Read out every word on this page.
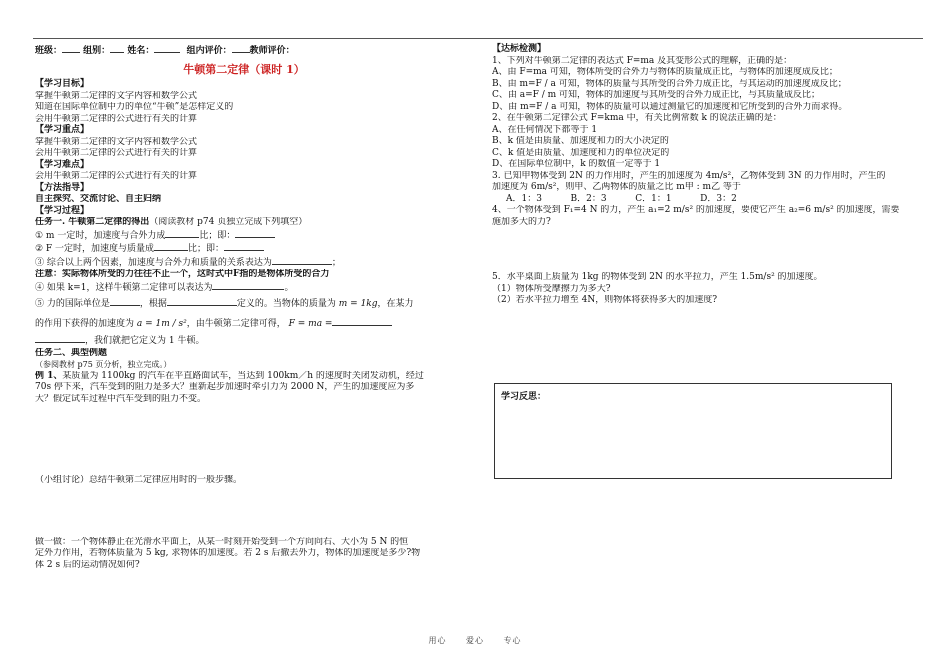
班级： 组别： 姓名：	组内评价： 教师评价：
牛顿第二定律（课时 1）
【学习目标】
掌握牛顿第二定律的文字内容和数学公式
知道在国际单位制中力的单位“牛顿”是怎样定义的
会用牛顿第二定律的公式进行有关的计算
【学习重点】
掌握牛顿第二定律的文字内容和数学公式
会用牛顿第二定律的公式进行有关的计算
【学习难点】
会用牛顿第二定律的公式进行有关的计算
【方法指导】
自主探究、交流讨论、自主归纳
【学习过程】
任务一. 牛顿第二定律的得出（阅读教材 p74 页独立完成下列填空）
① m 一定时，加速度与合外力成	比；即：
② F 一定时，加速度与质量成	比；即：
③ 综合以上两个因素，加速度与合外力和质量的关系表达为	；
注意：实际物体所受的力往往不止一个，这时式中F指的是物体所受的合力
④ 如果 k=1，这样牛顿第二定律可以表达为	。
⑤ 力的国际单位是	，根据	定义的。当物体的质量为 m = 1kg，在某力
的作用下获得的加速度为 a = 1m / s²，由牛顿第二定律可得， F = ma =
，我们就把它定义为 1 牛顿。
任务二、典型例题
（参阅教材 p75 页分析，独立完成。）
例 1、某质量为 1100kg 的汽车在平直路面试车，当达到 100km／h 的速度时关闭发动机，经过
70s 停下来，汽车受到的阻力是多大？重新起步加速时牵引力为 2000 N，产生的加速度应为多
大？假定试车过程中汽车受到的阻力不变。
（小组讨论）总结牛顿第二定律应用时的一般步骤。
做一做：一个物体静止在光滑水平面上，从某一时刻开始受到一个方向向右、大小为 5 N 的恒
定外力作用，若物体质量为 5 kg, 求物体的加速度。若 2 s 后撤去外力，物体的加速度是多少?物
体 2 s 后的运动情况如何?
【达标检测】
1、下列对牛顿第二定律的表达式 F=ma 及其变形公式的理解，正确的是：
A、由 F=ma 可知，物体所受的合外力与物体的质量成正比，与物体的加速度成反比；
B、由 m=F / a 可知，物体的质量与其所受的合外力成正比，与其运动的加速度成反比；
C、由 a=F / m 可知，物体的加速度与其所受的合外力成正比，与其质量成反比；
D、由 m=F / a 可知，物体的质量可以通过测量它的加速度和它所受到的合外力而求得。
2、在牛顿第二定律公式 F=kma 中，有关比例常数 k 的说法正确的是：
A、在任何情况下都等于 1
B、k 值是由质量、加速度和力的大小决定的
C、k 值是由质量、加速度和力的单位决定的
D、在国际单位制中，k 的数值一定等于 1
3. 已知甲物体受到 2N 的力作用时，产生的加速度为 4m/s²，乙物体受到 3N 的力作用时，产生的
加速度为 6m/s²，则甲、乙两物体的质量之比 m甲 : m乙 等于
A．1：3          B．2：3          C．1：1          D．3：2
4、一个物体受到 F₁=4 N 的力，产生 a₁=2 m/s² 的加速度，要使它产生 a₂=6 m/s² 的加速度，需要
施加多大的力?
5．水平桌面上质量为 1kg 的物体受到 2N 的水平拉力，产生 1.5m/s² 的加速度。
（1）物体所受摩擦力为多大?
（2）若水平拉力增至 4N，则物体将获得多大的加速度?
学习反思：
用心 爱心 专心
